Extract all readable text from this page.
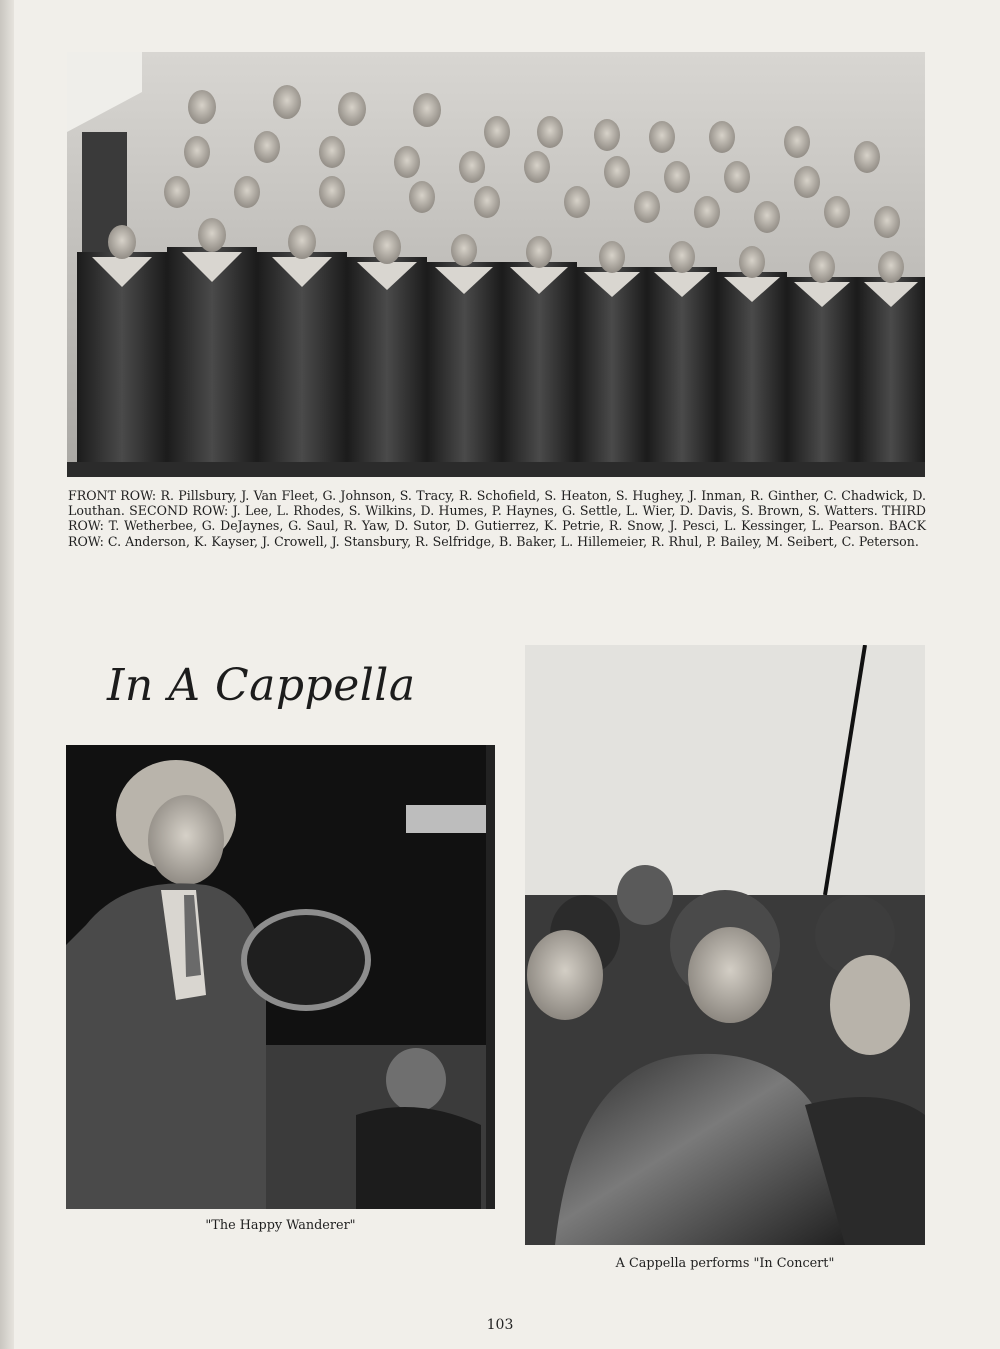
FRONT ROW: R. Pillsbury, J. Van Fleet, G. Johnson, S. Tracy, R. Schofield, S. Heaton, S. Hughey, J. Inman, R. Ginther, C. Chadwick, D. Louthan. SECOND ROW: J. Lee, L. Rhodes, S. Wilkins, D. Humes, P. Haynes, G. Settle, L. Wier, D. Davis, S. Brown, S. Watters. THIRD ROW: T. Wetherbee, G. DeJaynes, G. Saul, R. Yaw, D. Sutor, D. Gutierrez, K. Petrie, R. Snow, J. Pesci, L. Kessinger, L. Pearson. BACK ROW: C. Anderson, K. Kayser, J. Crowell, J. Stansbury, R. Selfridge, B. Baker, L. Hillemeier, R. Rhul, P. Bailey, M. Seibert, C. Peterson.
In A Cappella
"The Happy Wanderer"
A Cappella performs "In Concert"
103
